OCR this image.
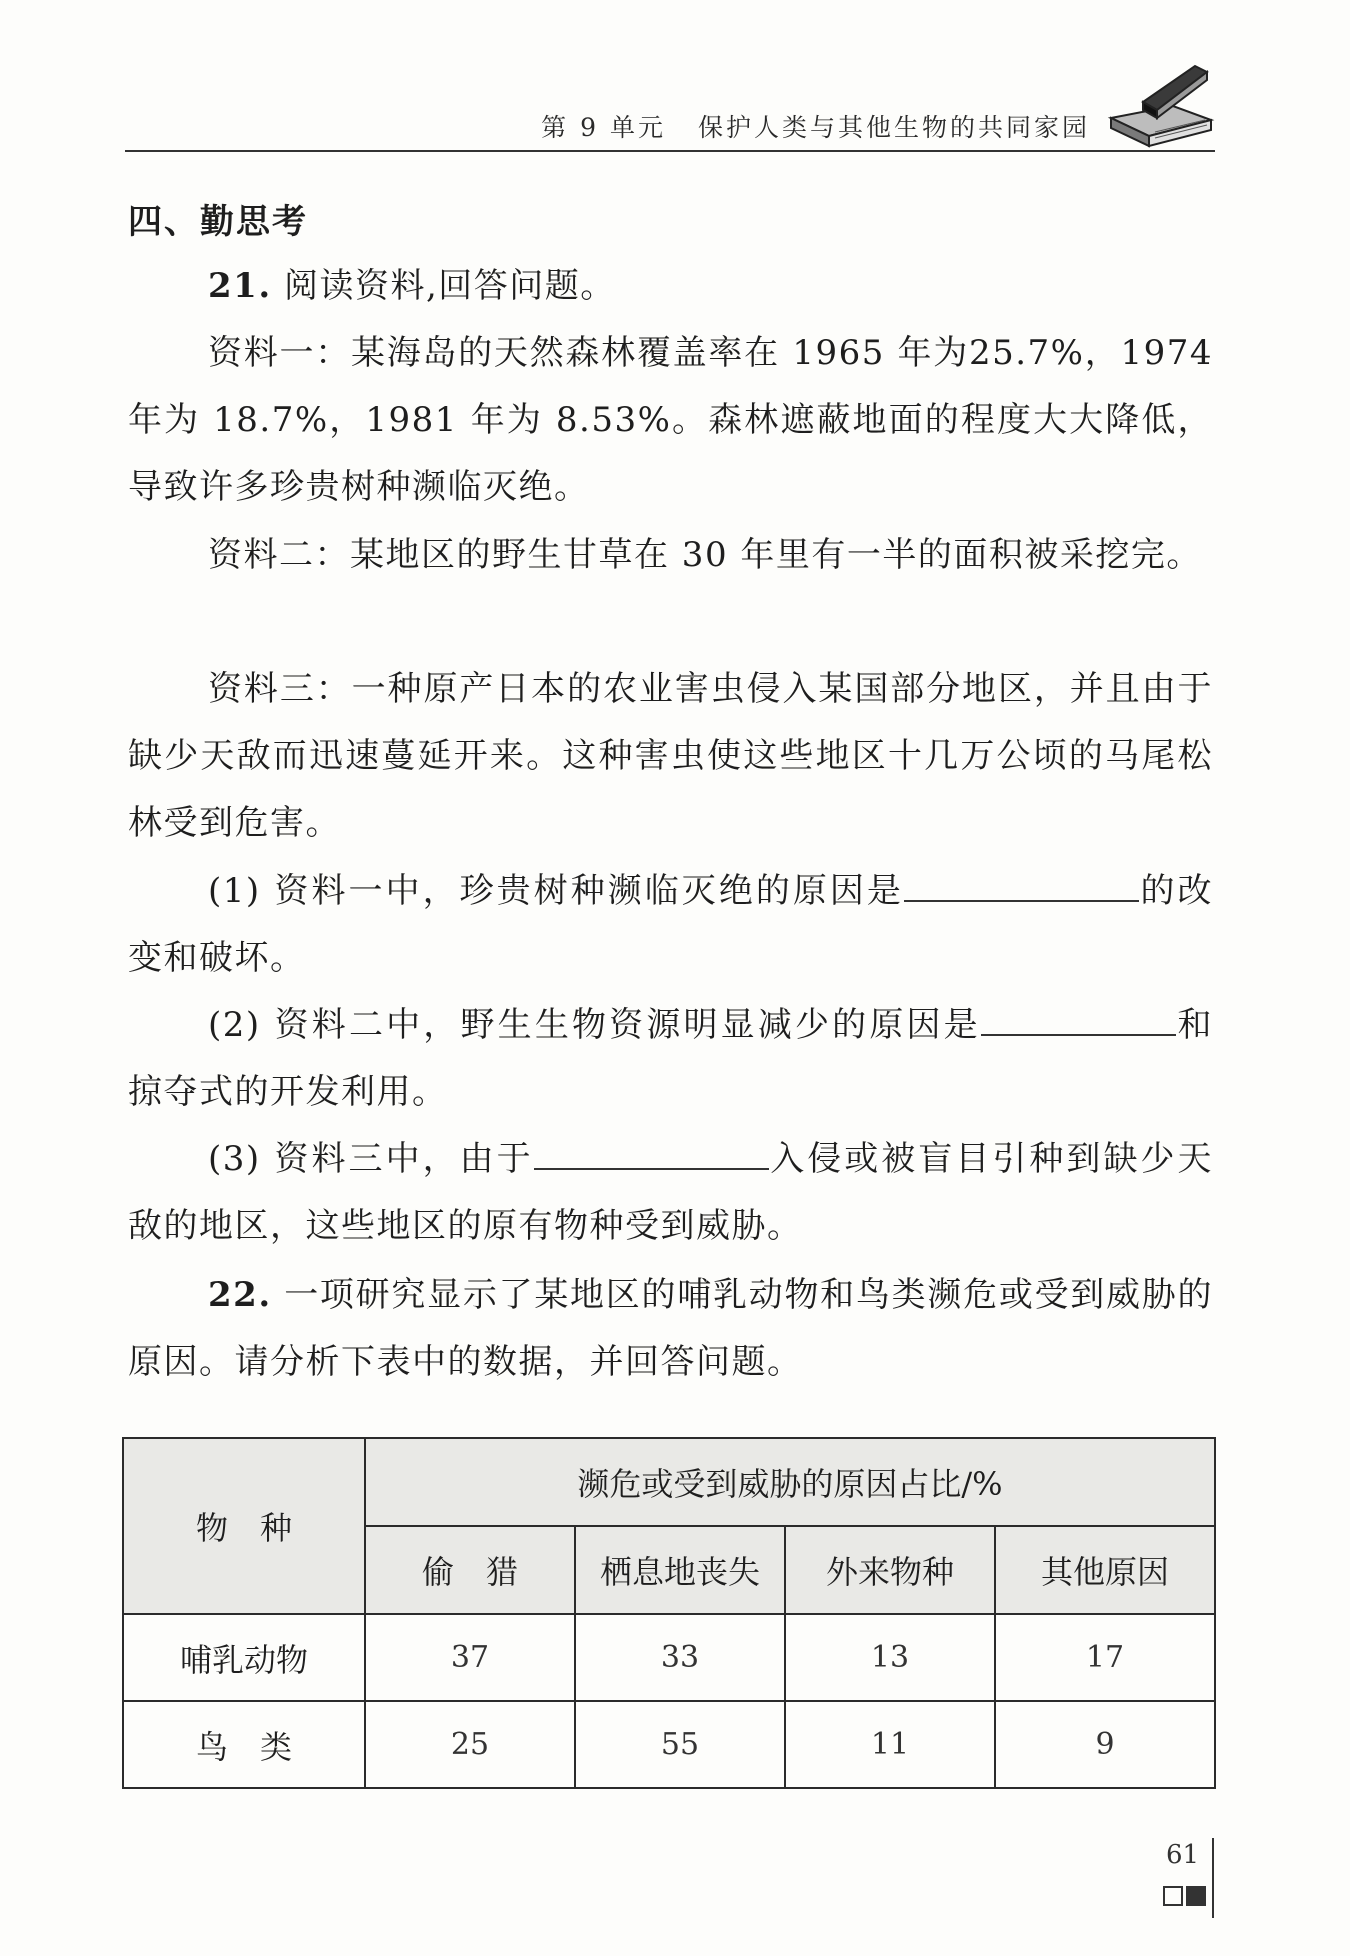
第 9 单元 保护人类与其他生物的共同家园
四、勤思考

21. 阅读资料,回答问题。

资料一：某海岛的天然森林覆盖率在 1965 年为25.7%，1974 年为 18.7%，1981 年为 8.53%。森林遮蔽地面的程度大大降低，导致许多珍贵树种濒临灭绝。

资料二：某地区的野生甘草在 30 年里有一半的面积被采挖完。

资料三：一种原产日本的农业害虫侵入某国部分地区，并且由于缺少天敌而迅速蔓延开来。这种害虫使这些地区十几万公顷的马尾松林受到危害。

(1) 资料一中，珍贵树种濒临灭绝的原因是	的改变和破坏。

(2) 资料二中，野生生物资源明显减少的原因是	和掠夺式的开发利用。

(3) 资料三中，由于	入侵或被盲目引种到缺少天敌的地区，这些地区的原有物种受到威胁。

22. 一项研究显示了某地区的哺乳动物和鸟类濒危或受到威胁的原因。请分析下表中的数据，并回答问题。

物　种	濒危或受到威胁的原因占比/%			
	偷　猎	栖息地丧失	外来物种	其他原因
哺乳动物	37	33	13	17
鸟　类	25	55	11	9
61
